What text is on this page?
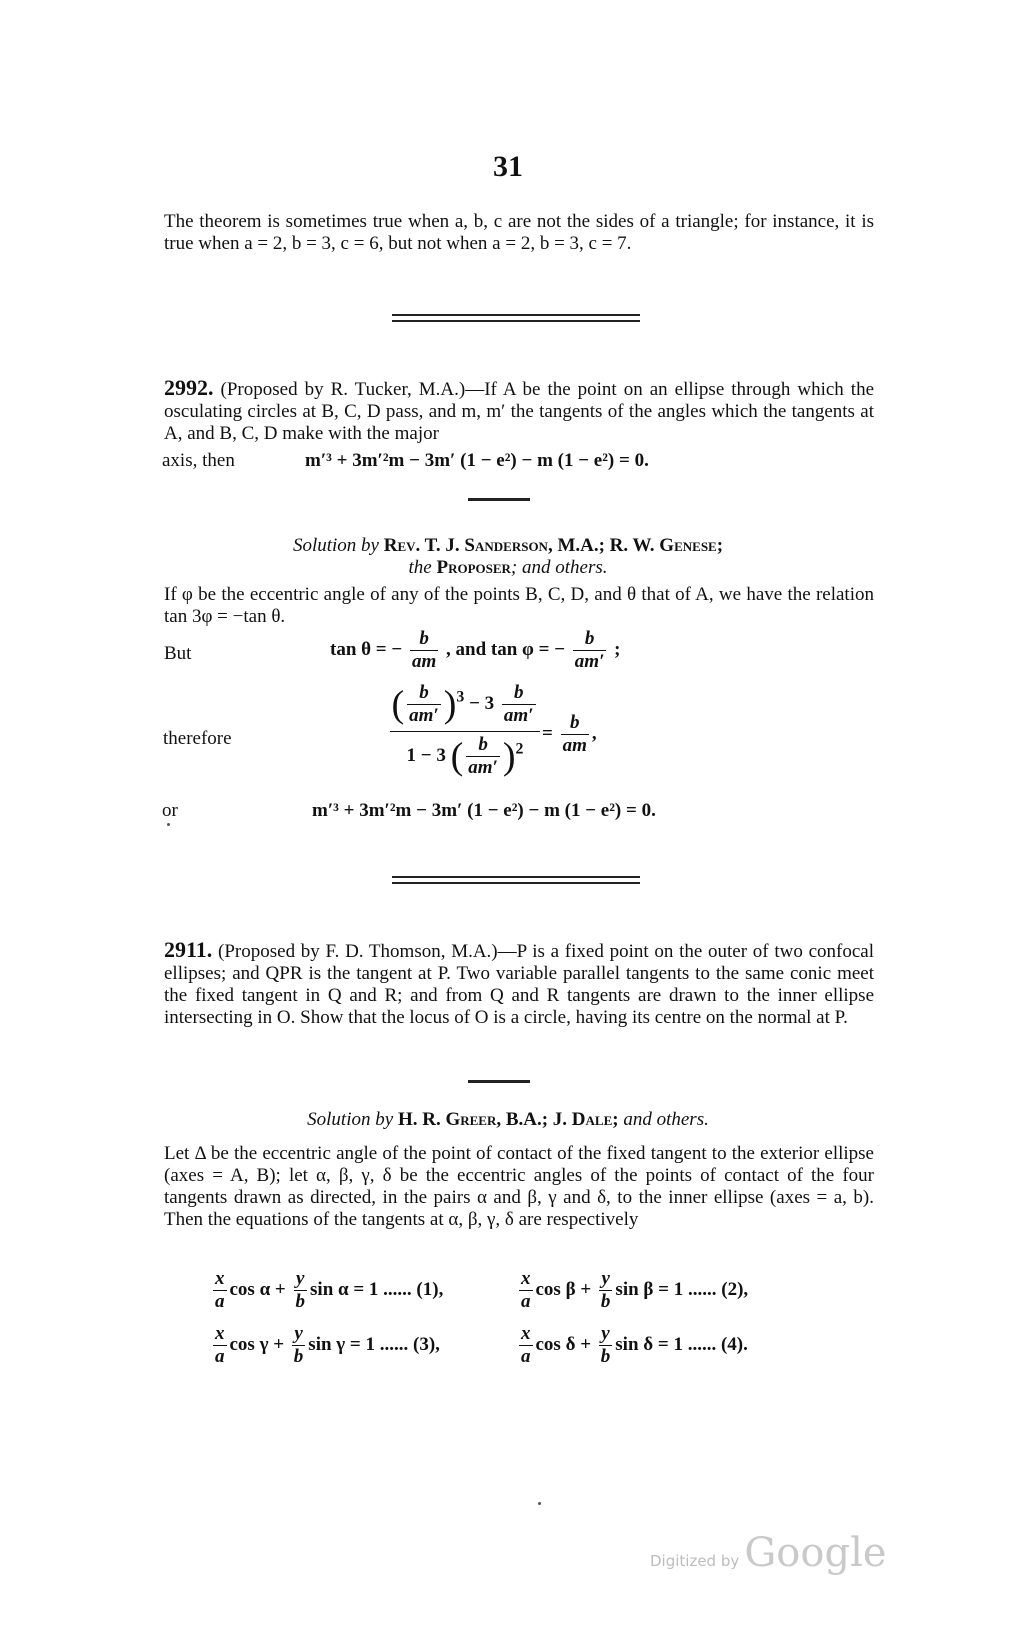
31
The theorem is sometimes true when a, b, c are not the sides of a triangle; for instance, it is true when a = 2, b = 3, c = 6, but not when a = 2, b = 3, c = 7.
2992. (Proposed by R. Tucker, M.A.)—If A be the point on an ellipse through which the osculating circles at B, C, D pass, and m, m′ the tangents of the angles which the tangents at A, and B, C, D make with the major
axis, then	m′³ + 3m′²m − 3m′ (1 − e²) − m (1 − e²) = 0.
Solution by Rev. T. J. Sanderson, M.A.; R. W. Genese;
the Proposer; and others.
If φ be the eccentric angle of any of the points B, C, D, and θ that of A, we have the relation tan 3φ = −tan θ.
But	tan θ = − $\frac{b}{am}$ , and tan φ = − $\frac{b}{am'}$ ;
therefore
( $\frac{b}{am'} )^3 - 3 \frac{b}{am'}$
1 − 3 ( $\frac{b}{am'} )^2$
= $\frac{b}{am}$ ,
or	m′³ + 3m′²m − 3m′ (1 − e²) − m (1 − e²) = 0.
2911. (Proposed by F. D. Thomson, M.A.)—P is a fixed point on the outer of two confocal ellipses; and QPR is the tangent at P. Two variable parallel tangents to the same conic meet the fixed tangent in Q and R; and from Q and R tangents are drawn to the inner ellipse intersecting in O. Show that the locus of O is a circle, having its centre on the normal at P.
Solution by H. R. Greer, B.A.; J. Dale; and others.
Let Δ be the eccentric angle of the point of contact of the fixed tangent to the exterior ellipse (axes = A, B); let α, β, γ, δ be the eccentric angles of the points of contact of the four tangents drawn as directed, in the pairs α and β, γ and δ, to the inner ellipse (axes = a, b). Then the equations of the tangents at α, β, γ, δ are respectively
$\frac{x}{a}$ $\cos \alpha + \frac{y}{b}$ sin α = 1 ...... (1),	$\frac{x}{a}$ $\cos \beta + \frac{y}{b}$ sin β = 1 ...... (2),
$\frac{x}{a}$ $\cos \gamma + \frac{y}{b}$ sin γ = 1 ...... (3),	$\frac{x}{a}$ $\cos \delta + \frac{y}{b}$ sin δ = 1 ...... (4).
Digitized by Google
